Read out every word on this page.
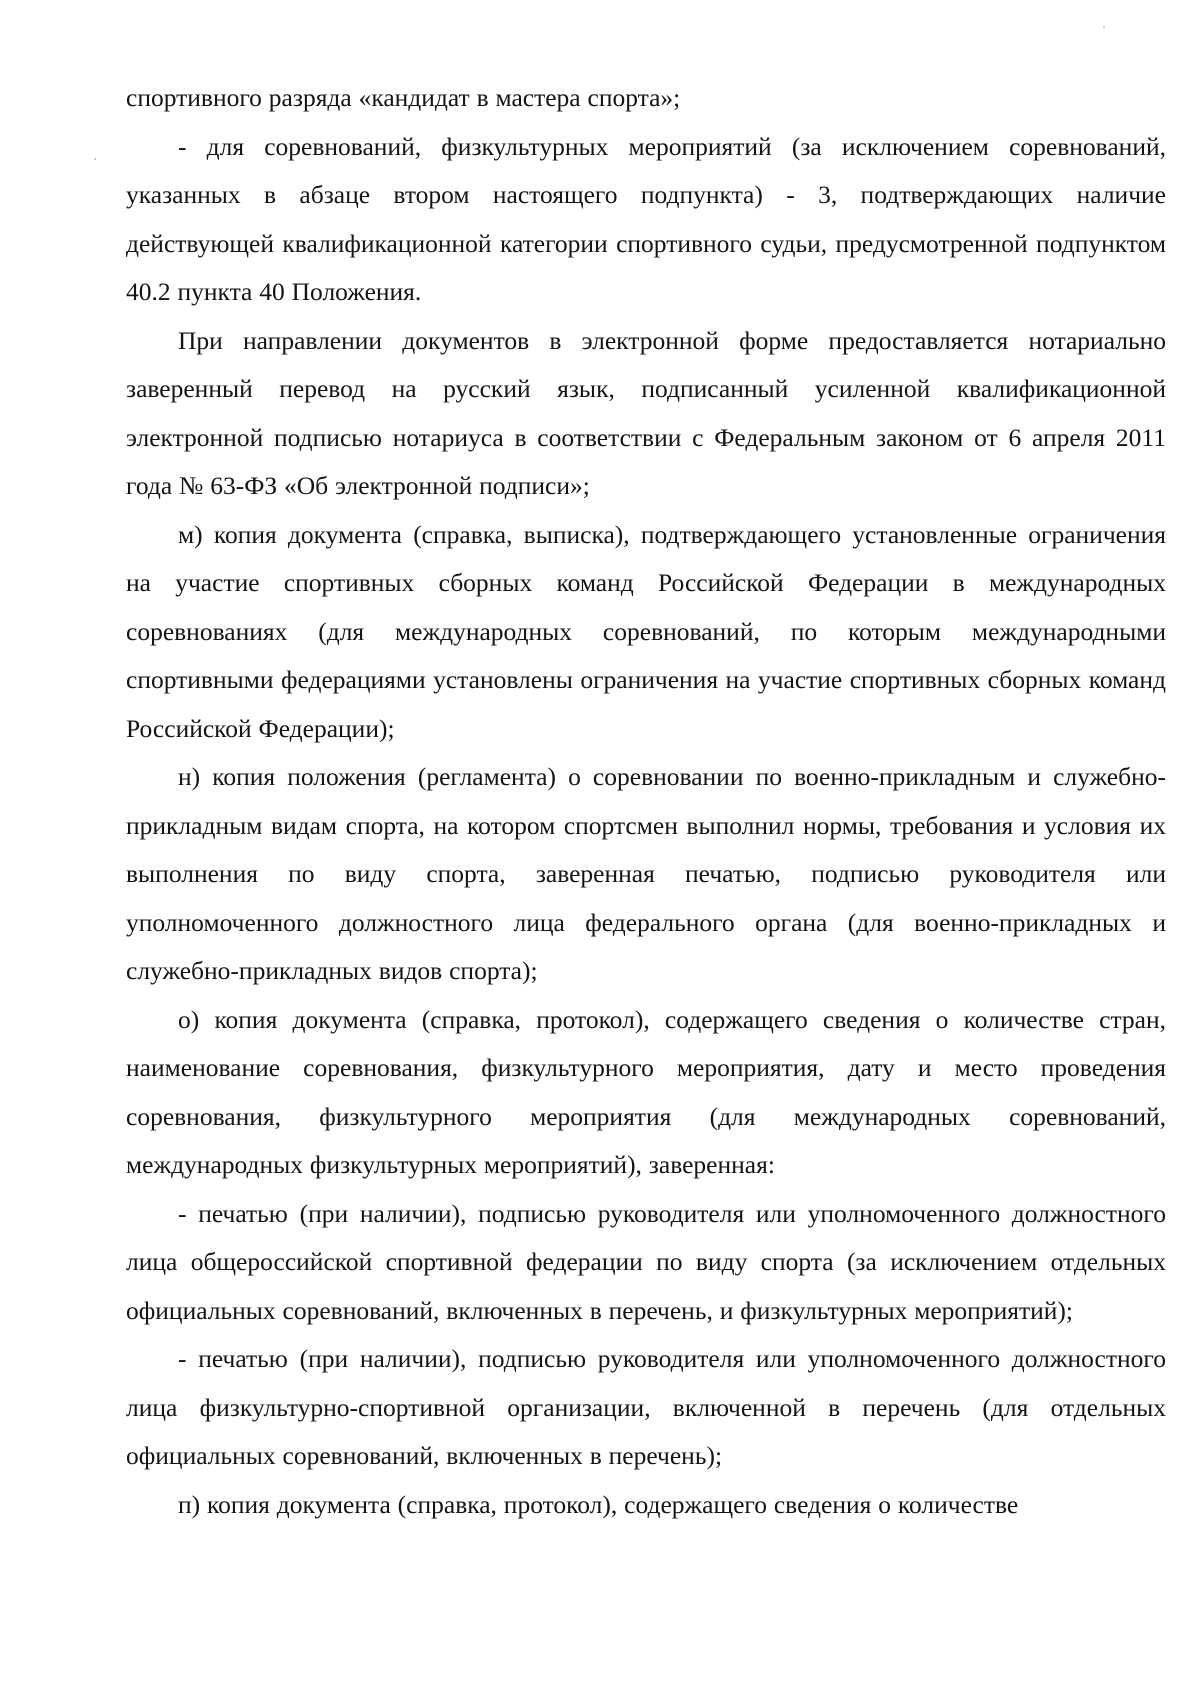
спортивного разряда «кандидат в мастера спорта»;

- для соревнований, физкультурных мероприятий (за исключением соревнований, указанных в абзаце втором настоящего подпункта) - 3, подтверждающих наличие действующей квалификационной категории спортивного судьи, предусмотренной подпунктом 40.2 пункта 40 Положения.

При направлении документов в электронной форме предоставляется нотариально заверенный перевод на русский язык, подписанный усиленной квалификационной электронной подписью нотариуса в соответствии с Федеральным законом от 6 апреля 2011 года № 63-ФЗ «Об электронной подписи»;

м) копия документа (справка, выписка), подтверждающего установленные ограничения на участие спортивных сборных команд Российской Федерации в международных соревнованиях (для международных соревнований, по которым международными спортивными федерациями установлены ограничения на участие спортивных сборных команд Российской Федерации);

н) копия положения (регламента) о соревновании по военно-прикладным и служебно-прикладным видам спорта, на котором спортсмен выполнил нормы, требования и условия их выполнения по виду спорта, заверенная печатью, подписью руководителя или уполномоченного должностного лица федерального органа (для военно-прикладных и служебно-прикладных видов спорта);

о) копия документа (справка, протокол), содержащего сведения о количестве стран, наименование соревнования, физкультурного мероприятия, дату и место проведения соревнования, физкультурного мероприятия (для международных соревнований, международных физкультурных мероприятий), заверенная:

- печатью (при наличии), подписью руководителя или уполномоченного должностного лица общероссийской спортивной федерации по виду спорта (за исключением отдельных официальных соревнований, включенных в перечень, и физкультурных мероприятий);

- печатью (при наличии), подписью руководителя или уполномоченного должностного лица физкультурно-спортивной организации, включенной в перечень (для отдельных официальных соревнований, включенных в перечень);

п) копия документа (справка, протокол), содержащего сведения о количестве
